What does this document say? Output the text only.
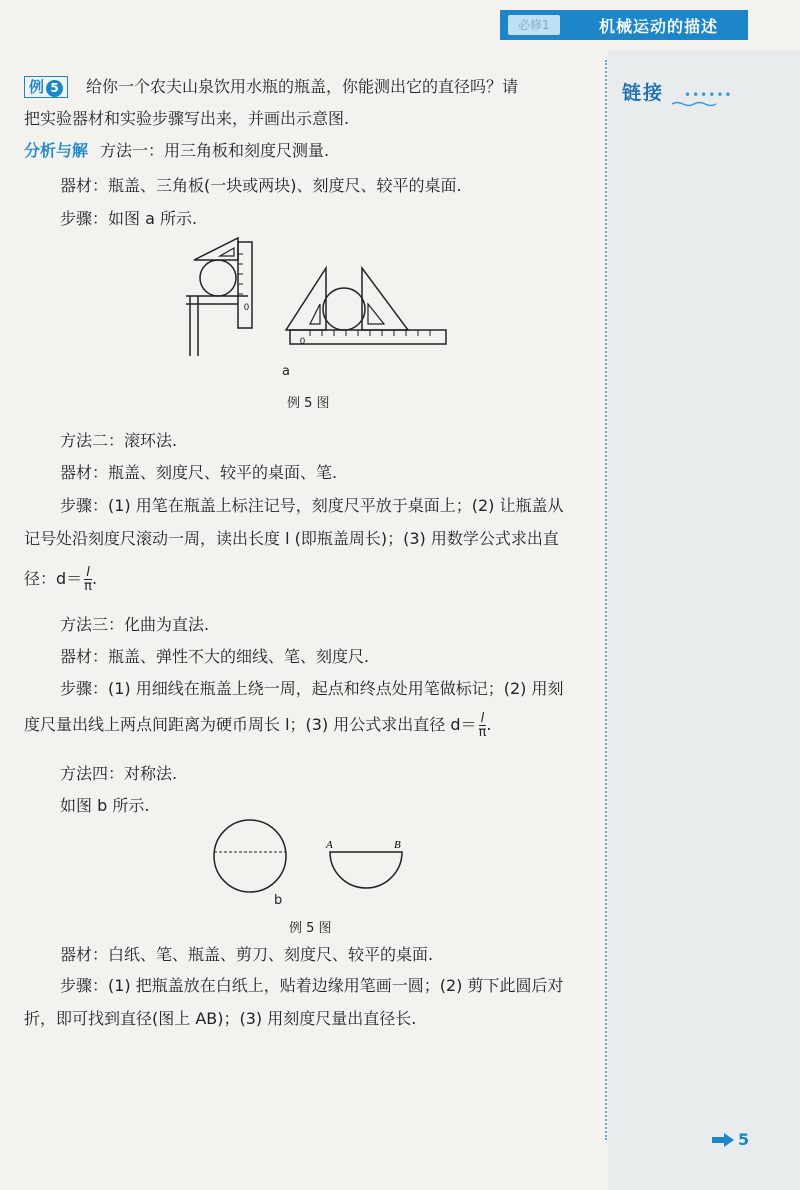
必修1	机械运动的描述
链接 ••••••
例 5 给你一个农夫山泉饮用水瓶的瓶盖，你能测出它的直径吗？请
把实验器材和实验步骤写出来，并画出示意图.
分析与解 方法一：用三角板和刻度尺测量.
器材：瓶盖、三角板(一块或两块)、刻度尺、较平的桌面.
步骤：如图 a 所示.
0
0
a
例 5 图
方法二：滚环法.
器材：瓶盖、刻度尺、较平的桌面、笔.
步骤：(1) 用笔在瓶盖上标注记号，刻度尺平放于桌面上；(2) 让瓶盖从
记号处沿刻度尺滚动一周，读出长度 l (即瓶盖周长)；(3) 用数学公式求出直
径：$d= \frac{l}{\pi}$ .
方法三：化曲为直法.
器材：瓶盖、弹性不大的细线、笔、刻度尺.
步骤：(1) 用细线在瓶盖上绕一周，起点和终点处用笔做标记；(2) 用刻
度尺量出线上两点间距离为硬币周长 l；(3) 用公式求出直径 $d= \frac{l}{\pi}$ .
方法四：对称法.
如图 b 所示.
A	B
b
例 5 图
器材：白纸、笔、瓶盖、剪刀、刻度尺、较平的桌面.
步骤：(1) 把瓶盖放在白纸上，贴着边缘用笔画一圆；(2) 剪下此圆后对
折，即可找到直径(图上 AB)；(3) 用刻度尺量出直径长.
5
